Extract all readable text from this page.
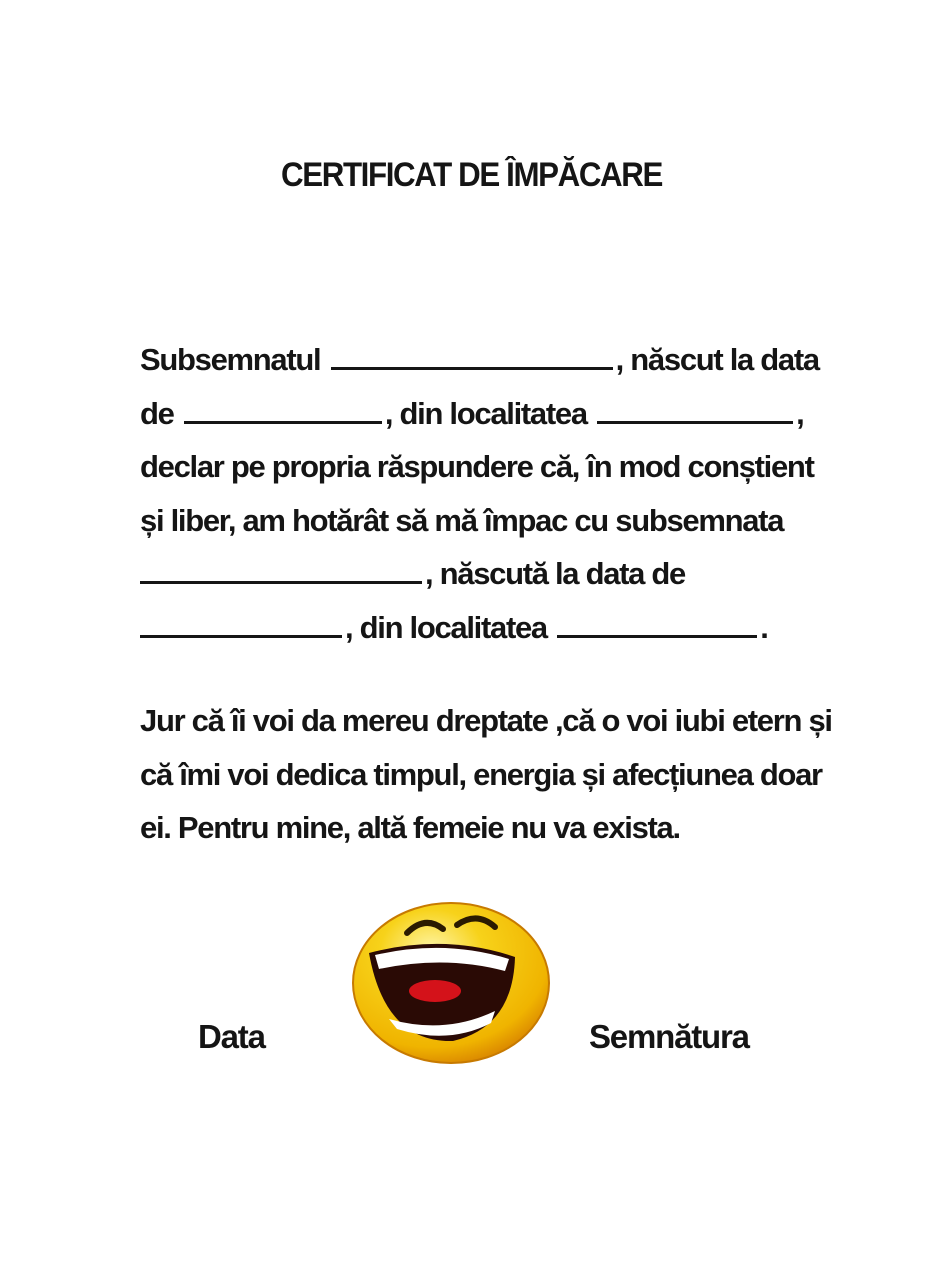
CERTIFICAT DE ÎMPĂCARE
Subsemnatul	, născut la data
de	, din localitatea	,
declar pe propria răspundere că, în mod conștient
și liber, am hotărât să mă împac cu subsemnata
, născută la data de
, din localitatea	.
Jur că îi voi da mereu dreptate ,că o voi iubi etern și
că îmi voi dedica timpul, energia și afecțiunea doar
ei. Pentru mine, altă femeie nu va exista.
Data	Semnătura
